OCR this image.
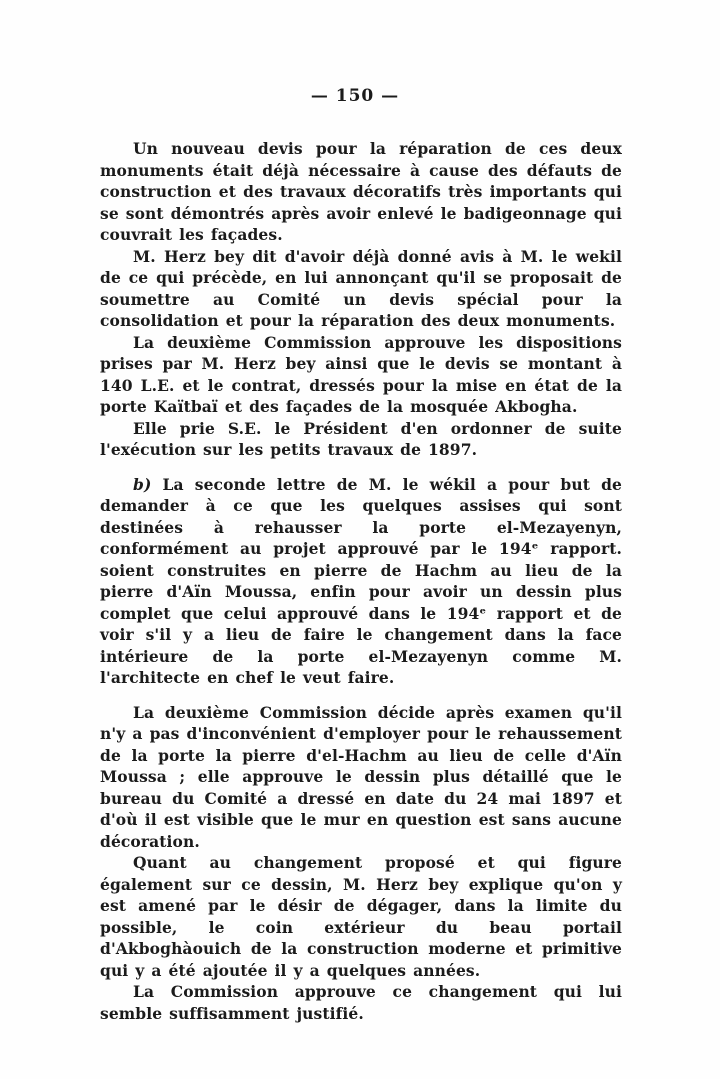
— 150 —

Un nouveau devis pour la réparation de ces deux monuments était déjà nécessaire à cause des défauts de construction et des travaux décoratifs très importants qui se sont démontrés après avoir enlevé le badigeonnage qui couvrait les façades.

M. Herz bey dit d'avoir déjà donné avis à M. le wekil de ce qui précède, en lui annonçant qu'il se proposait de soumettre au Comité un devis spécial pour la consolidation et pour la réparation des deux monuments.

La deuxième Commission approuve les dispositions prises par M. Herz bey ainsi que le devis se montant à 140 L.E. et le contrat, dressés pour la mise en état de la porte Kaïtbaï et des façades de la mosquée Akbogha.

Elle prie S.E. le Président d'en ordonner de suite l'exécution sur les petits travaux de 1897.

b) La seconde lettre de M. le wékil a pour but de demander à ce que les quelques assises qui sont destinées à rehausser la porte el-Mezayenyn, conformément au projet approuvé par le 194ᵉ rapport. soient construites en pierre de Hachm au lieu de la pierre d'Aïn Moussa, enfin pour avoir un dessin plus complet que celui approuvé dans le 194ᵉ rapport et de voir s'il y a lieu de faire le changement dans la face intérieure de la porte el-Mezayenyn comme M. l'architecte en chef le veut faire.

La deuxième Commission décide après examen qu'il n'y a pas d'inconvénient d'employer pour le rehaussement de la porte la pierre d'el-Hachm au lieu de celle d'Aïn Moussa ; elle approuve le dessin plus détaillé que le bureau du Comité a dressé en date du 24 mai 1897 et d'où il est visible que le mur en question est sans aucune décoration.

Quant au changement proposé et qui figure également sur ce dessin, M. Herz bey explique qu'on y est amené par le désir de dégager, dans la limite du possible, le coin extérieur du beau portail d'Akboghàouich de la construction moderne et primitive qui y a été ajoutée il y a quelques années.

La Commission approuve ce changement qui lui semble suffisamment justifié.
